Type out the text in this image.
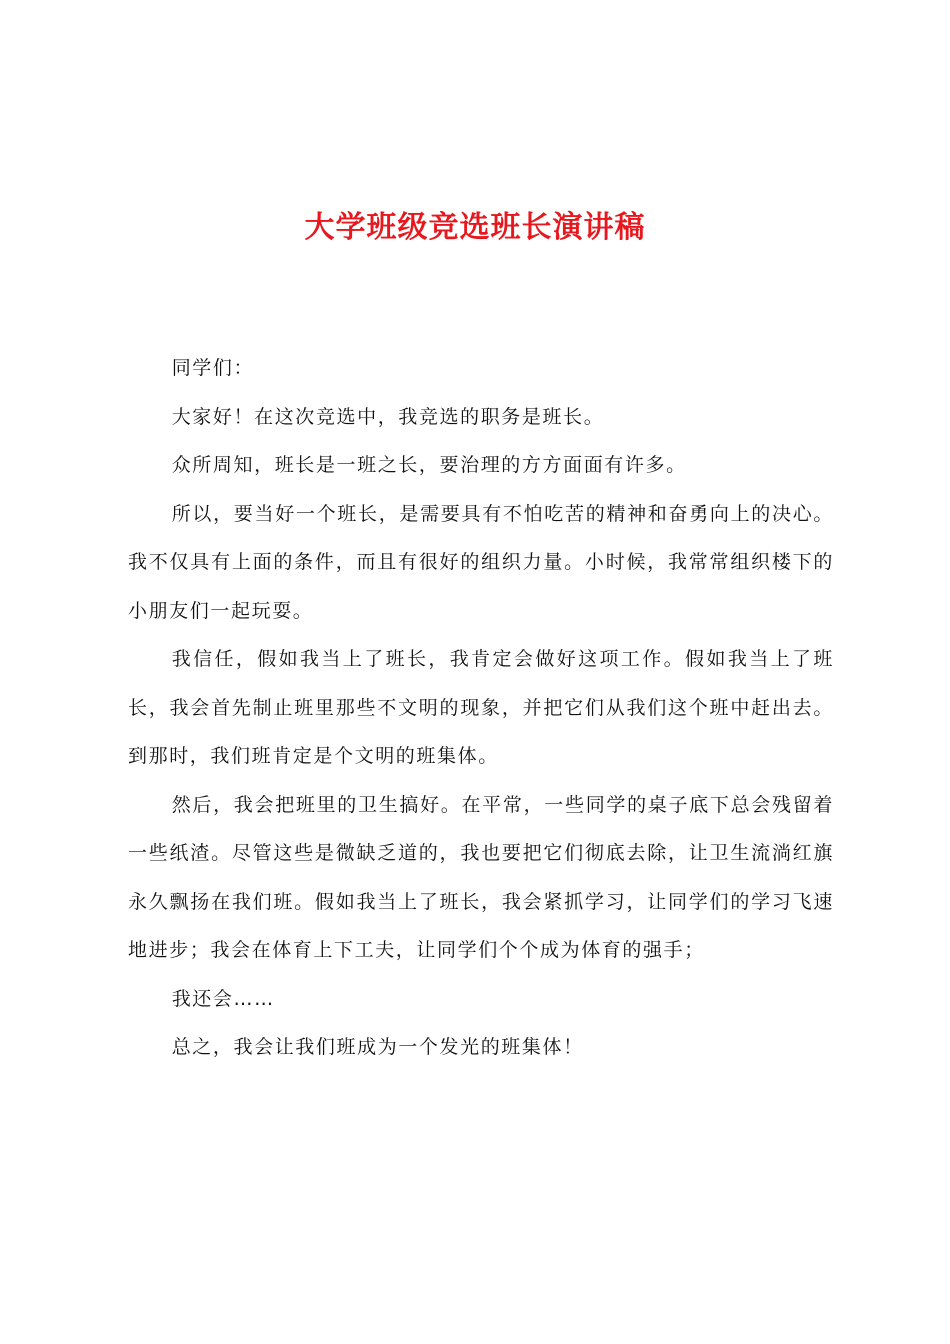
大学班级竞选班长演讲稿

同学们：

大家好！在这次竞选中，我竞选的职务是班长。

众所周知，班长是一班之长，要治理的方方面面有许多。

所以，要当好一个班长，是需要具有不怕吃苦的精神和奋勇向上的决心。我不仅具有上面的条件，而且有很好的组织力量。小时候，我常常组织楼下的小朋友们一起玩耍。

我信任，假如我当上了班长，我肯定会做好这项工作。假如我当上了班长，我会首先制止班里那些不文明的现象，并把它们从我们这个班中赶出去。到那时，我们班肯定是个文明的班集体。

然后，我会把班里的卫生搞好。在平常，一些同学的桌子底下总会残留着一些纸渣。尽管这些是微缺乏道的，我也要把它们彻底去除，让卫生流淌红旗永久飘扬在我们班。假如我当上了班长，我会紧抓学习，让同学们的学习飞速地进步；我会在体育上下工夫，让同学们个个成为体育的强手；

我还会……

总之，我会让我们班成为一个发光的班集体！
